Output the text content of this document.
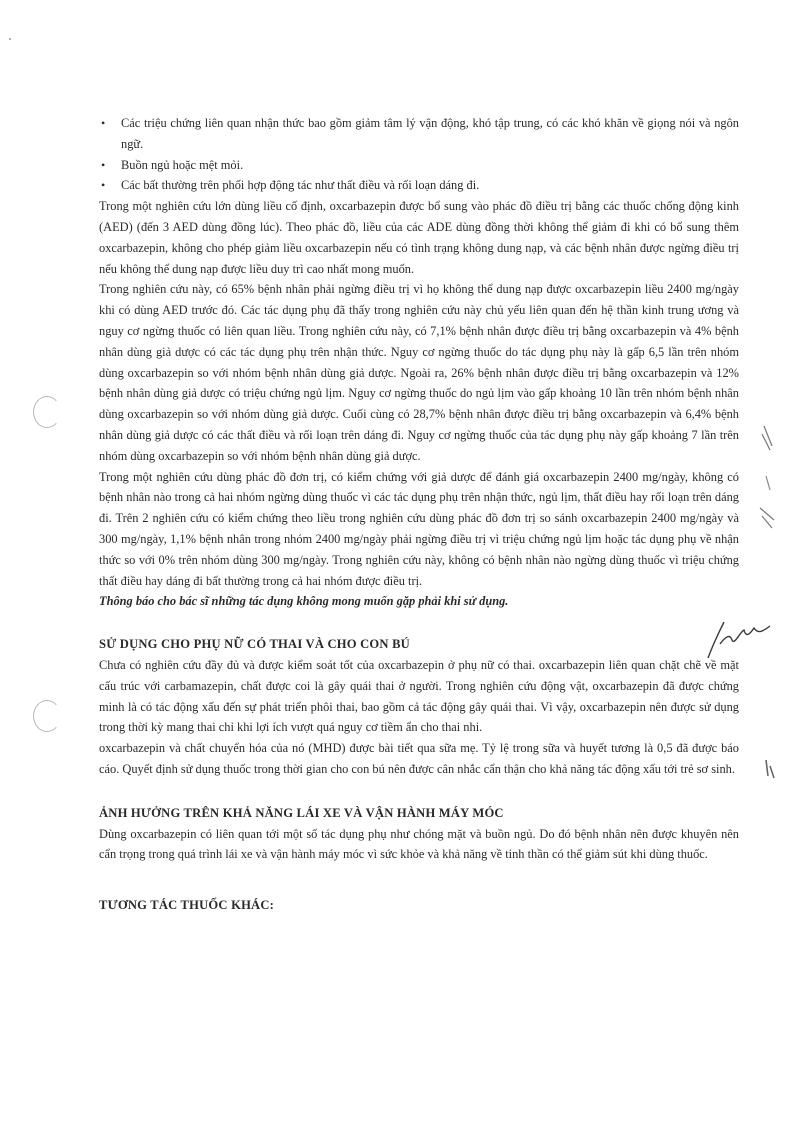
• Các triệu chứng liên quan nhận thức bao gồm giảm tâm lý vận động, khó tập trung, có các khó khăn về giọng nói và ngôn ngữ.
• Buồn ngủ hoặc mệt mỏi.
• Các bất thường trên phối hợp động tác như thất điều và rối loạn dáng đi.

Trong một nghiên cứu lớn dùng liều cố định, oxcarbazepin được bổ sung vào phác đồ điều trị bằng các thuốc chống động kinh (AED) (đến 3 AED dùng đồng lúc). Theo phác đồ, liều của các ADE dùng đồng thời không thể giảm đi khi có bổ sung thêm oxcarbazepin, không cho phép giảm liều oxcarbazepin nếu có tình trạng không dung nạp, và các bệnh nhân được ngừng điều trị nếu không thể dung nạp được liều duy trì cao nhất mong muốn.

Trong nghiên cứu này, có 65% bệnh nhân phải ngừng điều trị vì họ không thể dung nạp được oxcarbazepin liều 2400 mg/ngày khi có dùng AED trước đó. Các tác dụng phụ đã thấy trong nghiên cứu này chủ yếu liên quan đến hệ thần kinh trung ương và nguy cơ ngừng thuốc có liên quan liều. Trong nghiên cứu này, có 7,1% bệnh nhân được điều trị bằng oxcarbazepin và 4% bệnh nhân dùng giả dược có các tác dụng phụ trên nhận thức. Nguy cơ ngừng thuốc do tác dụng phụ này là gấp 6,5 lần trên nhóm dùng oxcarbazepin so với nhóm bệnh nhân dùng giả dược. Ngoài ra, 26% bệnh nhân được điều trị bằng oxcarbazepin và 12% bệnh nhân dùng giả dược có triệu chứng ngủ lịm. Nguy cơ ngừng thuốc do ngủ lịm vào gấp khoảng 10 lần trên nhóm bệnh nhân dùng oxcarbazepin so với nhóm dùng giả dược. Cuối cùng có 28,7% bệnh nhân được điều trị bằng oxcarbazepin và 6,4% bệnh nhân dùng giả dược có các thất điều và rối loạn trên dáng đi. Nguy cơ ngừng thuốc của tác dụng phụ này gấp khoảng 7 lần trên nhóm dùng oxcarbazepin so với nhóm bệnh nhân dùng giả dược.

Trong một nghiên cứu dùng phác đồ đơn trị, có kiểm chứng với giả dược để đánh giá oxcarbazepin 2400 mg/ngày, không có bệnh nhân nào trong cả hai nhóm ngừng dùng thuốc vì các tác dụng phụ trên nhận thức, ngủ lịm, thất điều hay rối loạn trên dáng đi. Trên 2 nghiên cứu có kiểm chứng theo liều trong nghiên cứu dùng phác đồ đơn trị so sánh oxcarbazepin 2400 mg/ngày và 300 mg/ngày, 1,1% bệnh nhân trong nhóm 2400 mg/ngày phải ngừng điều trị vì triệu chứng ngủ lịm hoặc tác dụng phụ về nhận thức so với 0% trên nhóm dùng 300 mg/ngày. Trong nghiên cứu này, không có bệnh nhân nào ngừng dùng thuốc vì triệu chứng thất điều hay dáng đi bất thường trong cả hai nhóm được điều trị.

Thông báo cho bác sĩ những tác dụng không mong muốn gặp phải khi sử dụng.

SỬ DỤNG CHO PHỤ NỮ CÓ THAI VÀ CHO CON BÚ

Chưa có nghiên cứu đầy đủ và được kiểm soát tốt của oxcarbazepin ở phụ nữ có thai. oxcarbazepin liên quan chặt chẽ về mặt cấu trúc với carbamazepin, chất được coi là gây quái thai ở người. Trong nghiên cứu động vật, oxcarbazepin đã được chứng minh là có tác động xấu đến sự phát triển phôi thai, bao gồm cả tác động gây quái thai. Vì vậy, oxcarbazepin nên được sử dụng trong thời kỳ mang thai chỉ khi lợi ích vượt quá nguy cơ tiềm ẩn cho thai nhi.

oxcarbazepin và chất chuyển hóa của nó (MHD) được bài tiết qua sữa mẹ. Tỷ lệ trong sữa và huyết tương là 0,5 đã được báo cáo. Quyết định sử dụng thuốc trong thời gian cho con bú nên được cân nhắc cẩn thận cho khả năng tác động xấu tới trẻ sơ sinh.

ẢNH HƯỞNG TRÊN KHẢ NĂNG LÁI XE VÀ VẬN HÀNH MÁY MÓC

Dùng oxcarbazepin có liên quan tới một số tác dụng phụ như chóng mặt và buồn ngủ. Do đó bệnh nhân nên được khuyên nên cẩn trọng trong quá trình lái xe và vận hành máy móc vì sức khỏe và khả năng về tinh thần có thể giảm sút khi dùng thuốc.

TƯƠNG TÁC THUỐC KHÁC:
